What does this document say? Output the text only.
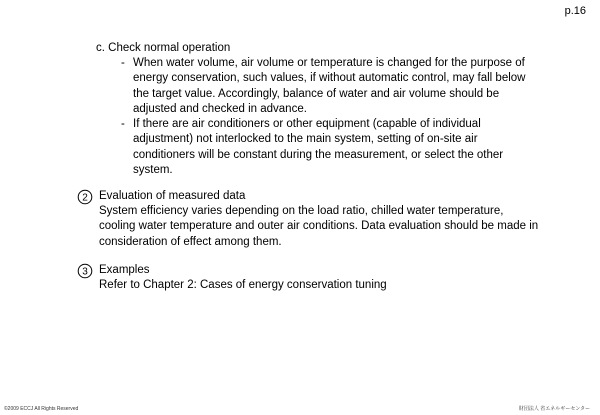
p.16
c. Check normal operation
- When water volume, air volume or temperature is changed for the purpose of
energy conservation, such values, if without automatic control, may fall below
the target value. Accordingly, balance of water and air volume should be
adjusted and checked in advance.
- If there are air conditioners or other equipment (capable of individual
adjustment) not interlocked to the main system, setting of on-site air
conditioners will be constant during the measurement, or select the other
system.
2 Evaluation of measured data
System efficiency varies depending on the load ratio, chilled water temperature,
cooling water temperature and outer air conditions. Data evaluation should be made in
consideration of effect among them.
3 Examples
Refer to Chapter 2: Cases of energy conservation tuning
©2009 ECCJ All Rights Reserved	財団法人 省エネルギーセンター
